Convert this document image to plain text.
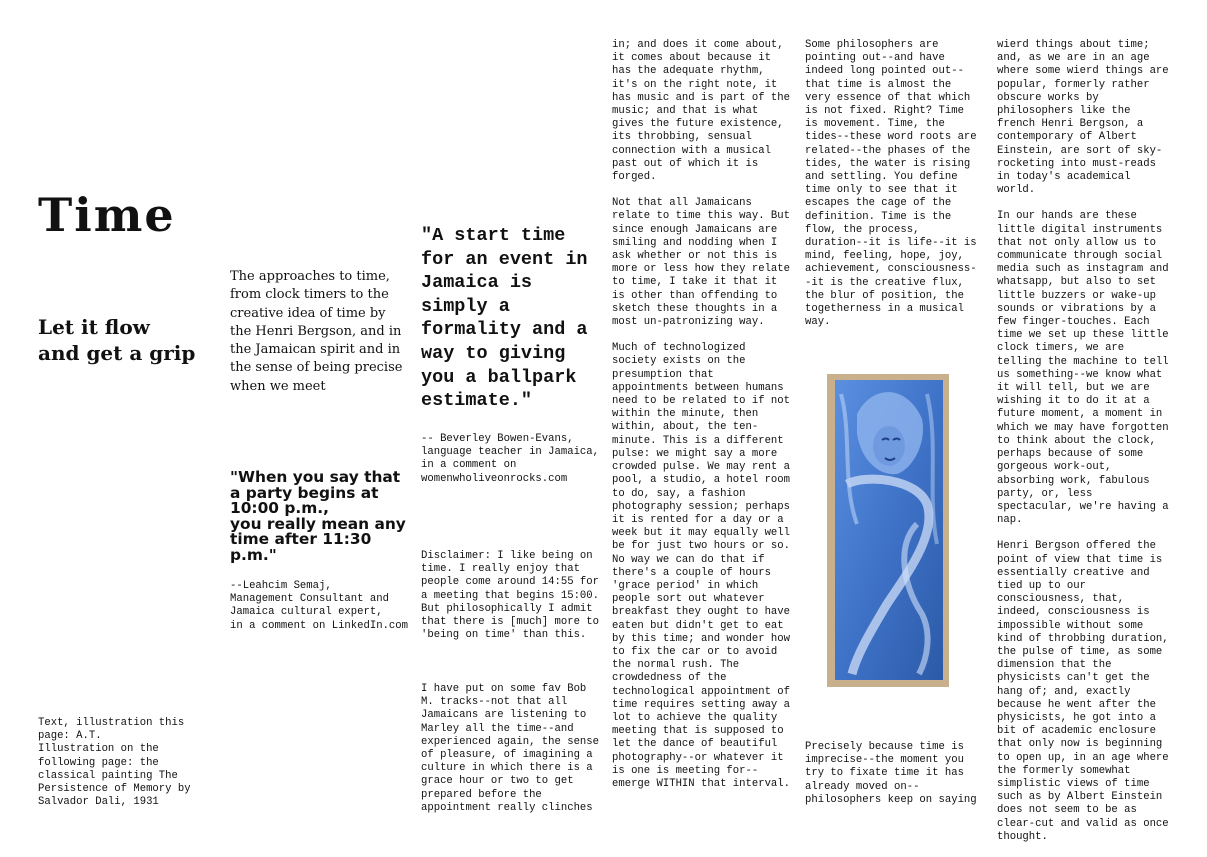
Time
Let it flow
and get a grip
The approaches to time, from clock timers to the creative idea of time by the Henri Bergson, and in the Jamaican spirit and in the sense of being precise when we meet
"When you say that a party begins at 10:00 p.m.,
you really mean any time after 11:30 p.m."
--Leahcim Semaj,
Management Consultant and Jamaica cultural expert,
in a comment on LinkedIn.com
"A start time for an event in Jamaica is simply a formality and a way to giving you a ballpark estimate."
-- Beverley Bowen-Evans, language teacher in Jamaica, in a comment on womenwholiveonrocks.com
Text, illustration this page: A.T.
Illustration on the following page: the classical painting The Persistence of Memory by Salvador Dali, 1931
Disclaimer: I like being on time. I really enjoy that people come around 14:55 for a meeting that begins 15:00. But philosophically I admit that there is [much] more to 'being on time' than this.
I have put on some fav Bob M. tracks--not that all Jamaicans are listening to Marley all the time--and experienced again, the sense of pleasure, of imagining a culture in which there is a grace hour or two to get prepared before the appointment really clinches

in; and does it come about, it comes about because it has the adequate rhythm, it's on the right note, it has music and is part of the music; and that is what gives the future existence, its throbbing, sensual connection with a musical past out of which it is forged.

Not that all Jamaicans relate to time this way. But since enough Jamaicans are smiling and nodding when I ask whether or not this is more or less how they relate to time, I take it that it is other than offending to sketch these thoughts in a most un-patronizing way.

Much of technologized society exists on the presumption that appointments between humans need to be related to if not within the minute, then within, about, the ten-minute. This is a different pulse: we might say a more crowded pulse. We may rent a pool, a studio, a hotel room to do, say, a fashion photography session; perhaps it is rented for a day or a week but it may equally well be for just two hours or so. No way we can do that if there's a couple of hours 'grace period' in which people sort out whatever breakfast they ought to have eaten but didn't get to eat by this time; and wonder how to fix the car or to avoid the normal rush. The crowdedness of the technological appointment of time requires setting away a lot to achieve the quality meeting that is supposed to let the dance of beautiful photography--or whatever it is one is meeting for--emerge WITHIN that interval.

Some philosophers are pointing out--and have indeed long pointed out--that time is almost the very essence of that which is not fixed. Right? Time is movement. Time, the tides--these word roots are related--the phases of the tides, the water is rising and settling. You define time only to see that it escapes the cage of the definition. Time is the flow, the process, duration--it is life--it is mind, feeling, hope, joy, achievement, consciousness--it is the creative flux, the blur of position, the togetherness in a musical way.
Precisely because time is imprecise--the moment you try to fixate time it has already moved on--philosophers keep on saying

wierd things about time; and, as we are in an age where some wierd things are popular, formerly rather obscure works by philosophers like the french Henri Bergson, a contemporary of Albert Einstein, are sort of sky-rocketing into must-reads in today's academical world.

In our hands are these little digital instruments that not only allow us to communicate through social media such as instagram and whatsapp, but also to set little buzzers or wake-up sounds or vibrations by a few finger-touches. Each time we set up these little clock timers, we are telling the machine to tell us something--we know what it will tell, but we are wishing it to do it at a future moment, a moment in which we may have forgotten to think about the clock, perhaps because of some gorgeous work-out, absorbing work, fabulous party, or, less spectacular, we're having a nap.

Henri Bergson offered the point of view that time is essentially creative and tied up to our consciousness, that, indeed, consciousness is impossible without some kind of throbbing duration, the pulse of time, as some dimension that the physicists can't get the hang of; and, exactly because he went after the physicists, he got into a bit of academic enclosure that only now is beginning to open up, in an age where the formerly somewhat simplistic views of time such as by Albert Einstein does not seem to be as clear-cut and valid as once thought.
